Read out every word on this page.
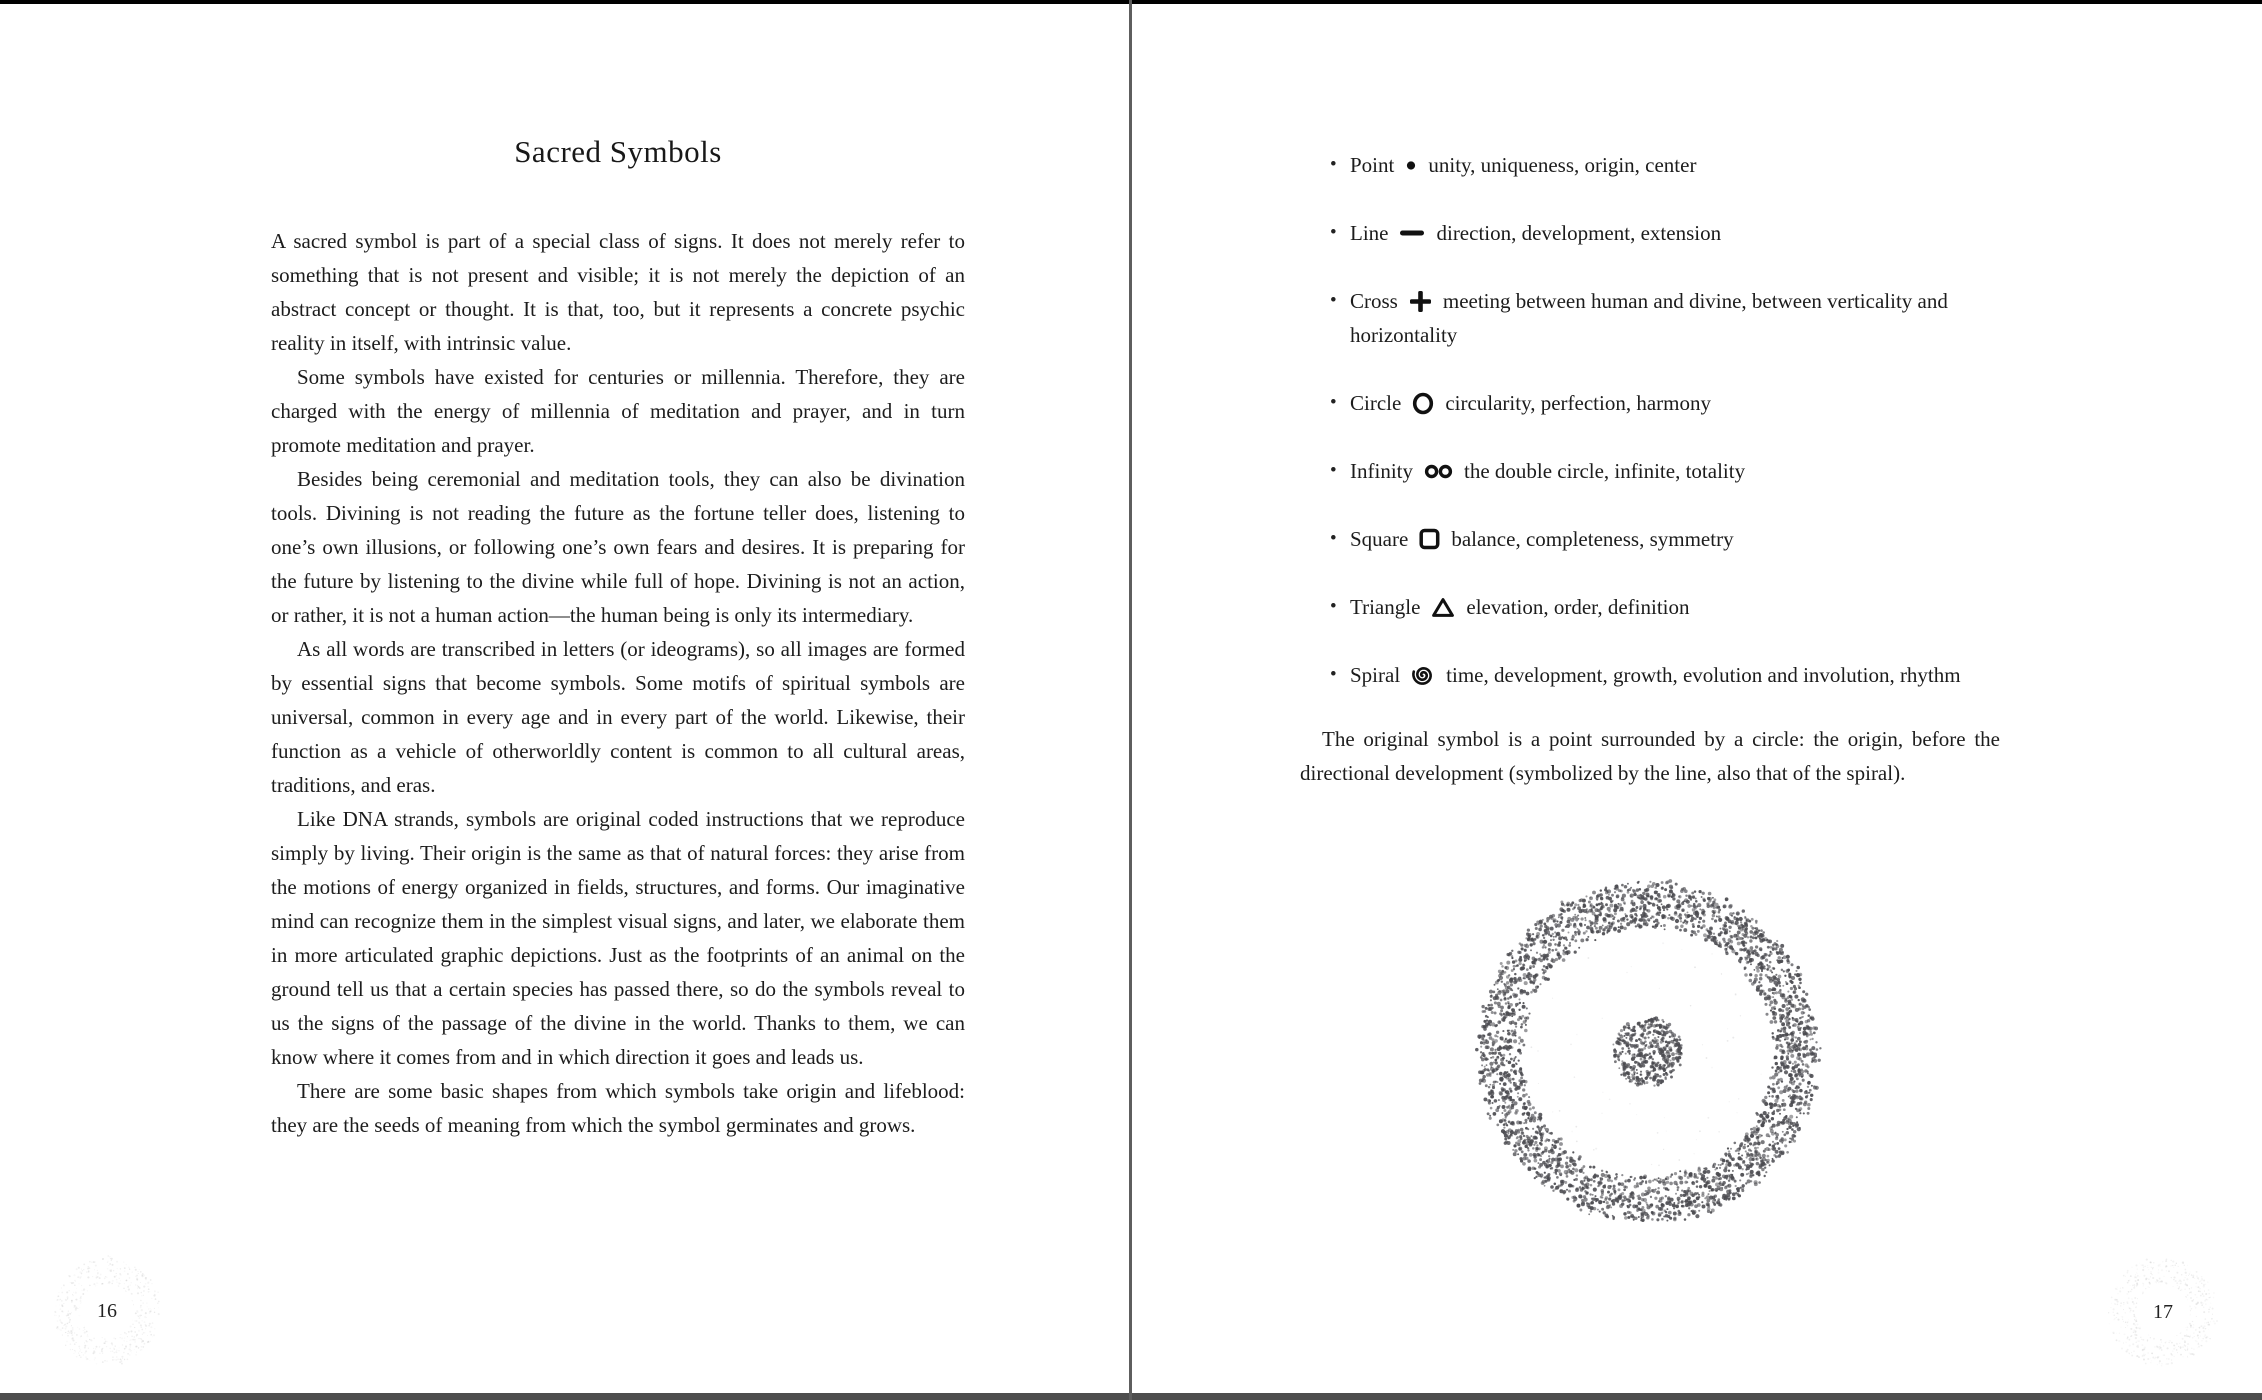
Sacred Symbols

A sacred symbol is part of a special class of signs. It does not merely refer to something that is not present and visible; it is not merely the depiction of an abstract concept or thought. It is that, too, but it represents a concrete psychic reality in itself, with intrinsic value.

Some symbols have existed for centuries or millennia. Therefore, they are charged with the energy of millennia of meditation and prayer, and in turn promote meditation and prayer.

Besides being ceremonial and meditation tools, they can also be divination tools. Divining is not reading the future as the fortune teller does, listening to one’s own illusions, or following one’s own fears and desires. It is preparing for the future by listening to the divine while full of hope. Divining is not an action, or rather, it is not a human action—the human being is only its intermediary.

As all words are transcribed in letters (or ideograms), so all images are formed by essential signs that become symbols. Some motifs of spiritual symbols are universal, common in every age and in every part of the world. Likewise, their function as a vehicle of otherworldly content is common to all cultural areas, traditions, and eras.

Like DNA strands, symbols are original coded instructions that we reproduce simply by living. Their origin is the same as that of natural forces: they arise from the motions of energy organized in fields, structures, and forms. Our imaginative mind can recognize them in the simplest visual signs, and later, we elaborate them in more articulated graphic depictions. Just as the footprints of an animal on the ground tell us that a certain species has passed there, so do the symbols reveal to us the signs of the passage of the divine in the world. Thanks to them, we can know where it comes from and in which direction it goes and leads us.

There are some basic shapes from which symbols take origin and lifeblood: they are the seeds of meaning from which the symbol germinates and grows.

16
• Point unity, uniqueness, origin, center
• Line direction, development, extension
• Cross meeting between human and divine, between verticality and horizontality
• Circle circularity, perfection, harmony
• Infinity the double circle, infinite, totality
• Square balance, completeness, symmetry
• Triangle elevation, order, definition
• Spiral time, development, growth, evolution and involution, rhythm

The original symbol is a point surrounded by a circle: the origin, before the directional development (symbolized by the line, also that of the spiral).

17
